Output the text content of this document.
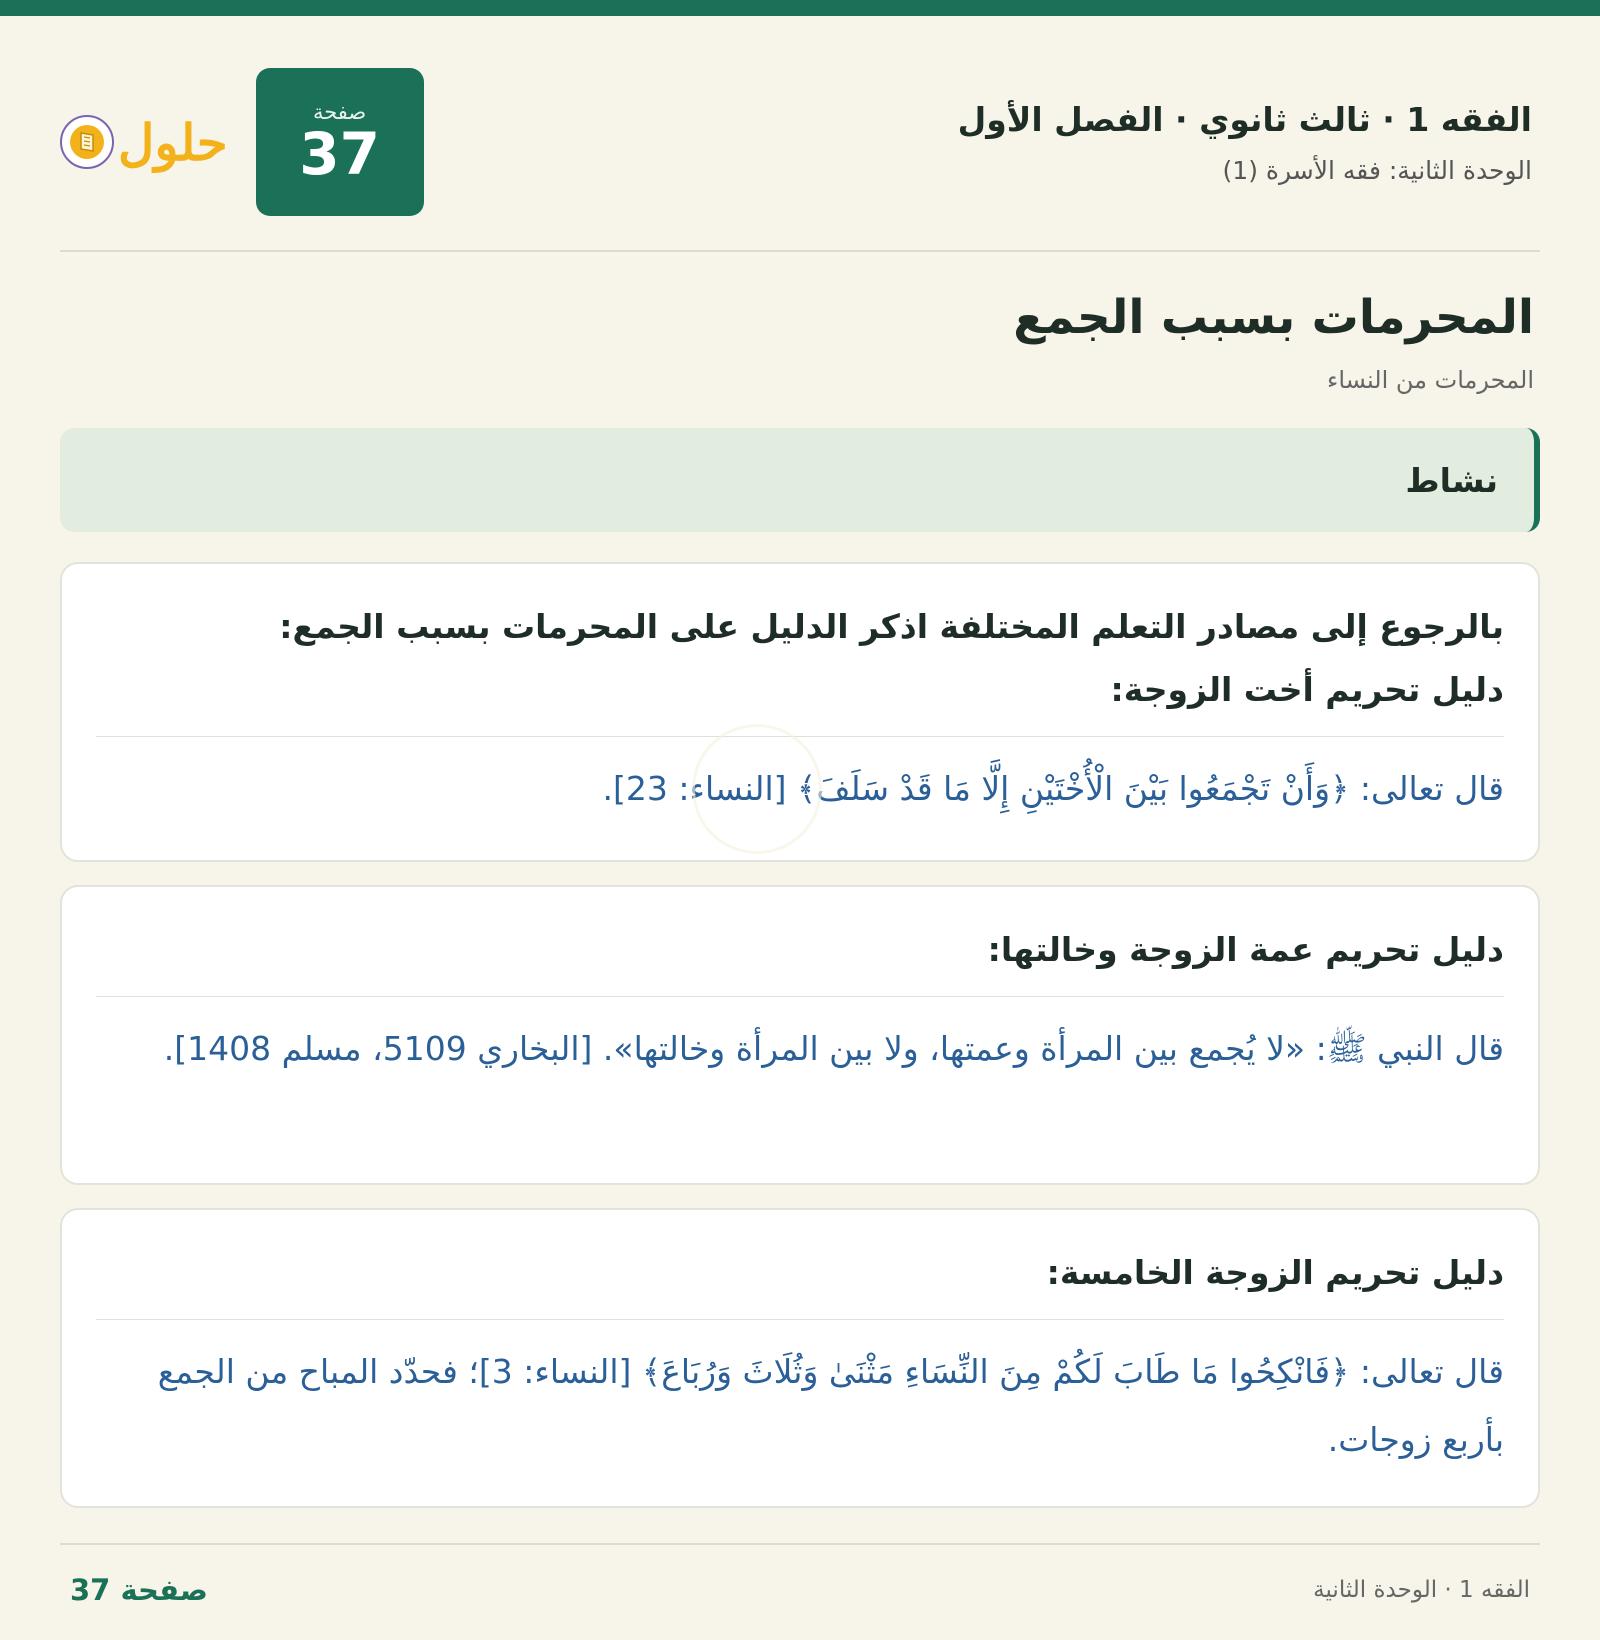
الفقه 1 · ثالث ثانوي · الفصل الأول
الوحدة الثانية: فقه الأسرة (1)
حلول
صفحة
37
المحرمات بسبب الجمع
المحرمات من النساء
نشاط
بالرجوع إلى مصادر التعلم المختلفة اذكر الدليل على المحرمات بسبب الجمع:
دليل تحريم أخت الزوجة:
قال تعالى: ﴿وَأَنْ تَجْمَعُوا بَيْنَ الْأُخْتَيْنِ إِلَّا مَا قَدْ سَلَفَ﴾ [النساء: 23].
دليل تحريم عمة الزوجة وخالتها:
قال النبي ﷺ: «لا يُجمع بين المرأة وعمتها، ولا بين المرأة وخالتها». [البخاري 5109، مسلم 1408].
دليل تحريم الزوجة الخامسة:
قال تعالى: ﴿فَانْكِحُوا مَا طَابَ لَكُمْ مِنَ النِّسَاءِ مَثْنَىٰ وَثُلَاثَ وَرُبَاعَ﴾ [النساء: 3]؛ فحدّد المباح من الجمع بأربع زوجات.
الفقه 1 · الوحدة الثانية
صفحة 37
